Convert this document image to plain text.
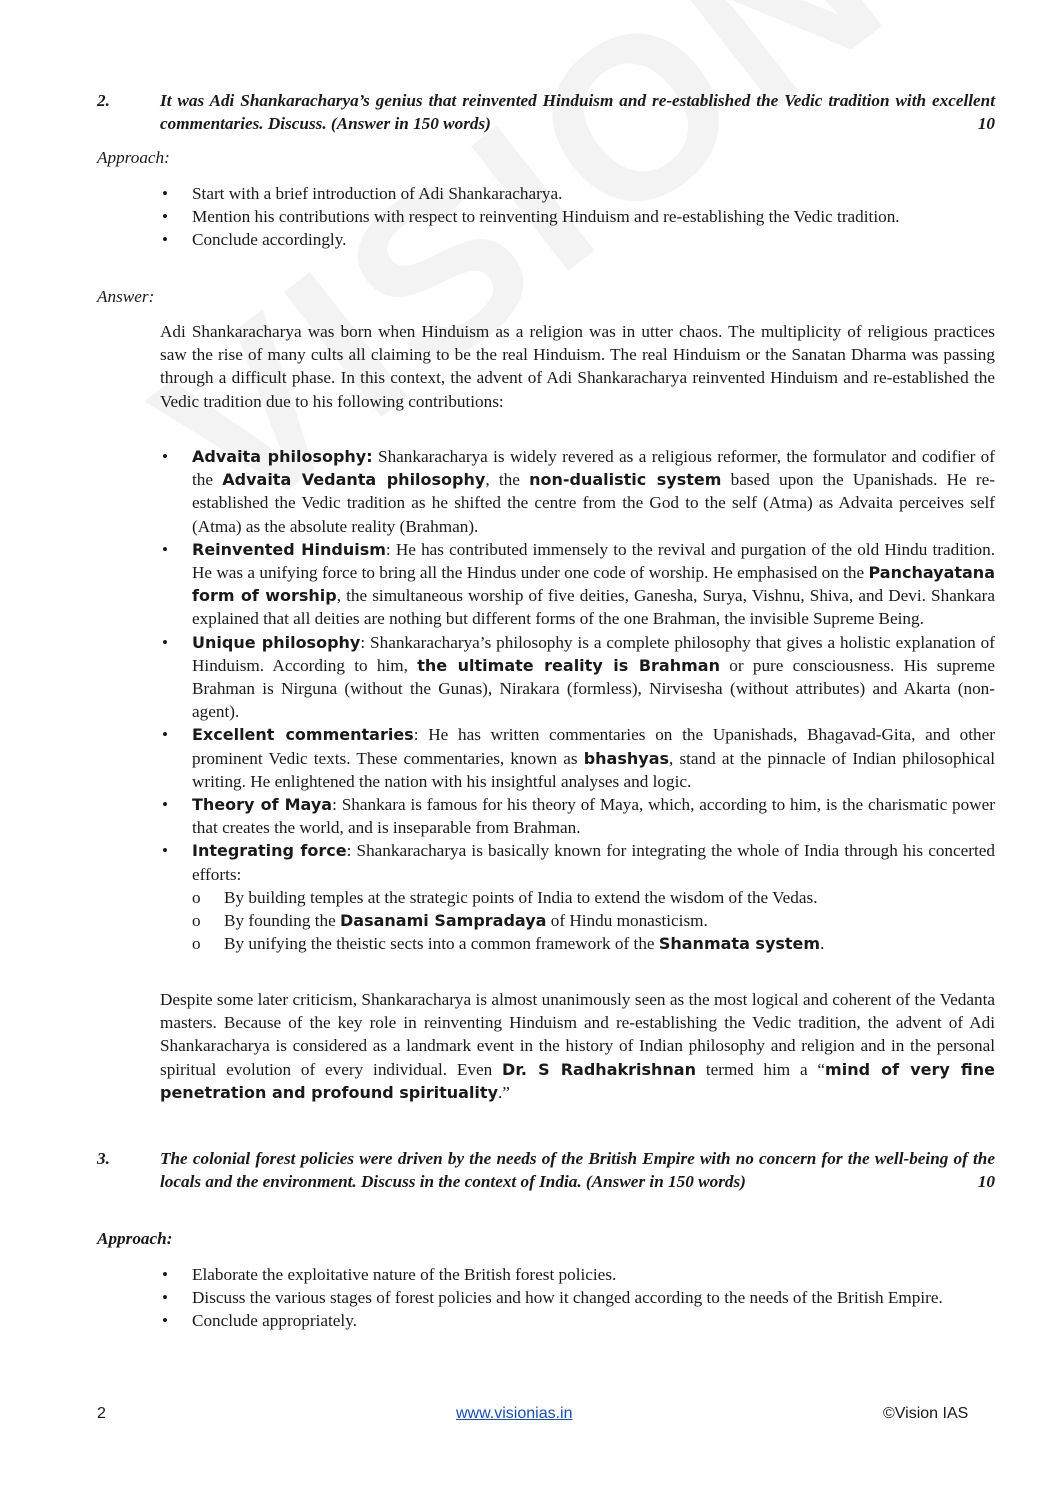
2.	It was Adi Shankaracharya’s genius that reinvented Hinduism and re-established the Vedic tradition with excellent commentaries. Discuss. (Answer in 150 words)	10
Approach:
• Start with a brief introduction of Adi Shankaracharya.
• Mention his contributions with respect to reinventing Hinduism and re-establishing the Vedic tradition.
• Conclude accordingly.
Answer:
Adi Shankaracharya was born when Hinduism as a religion was in utter chaos. The multiplicity of religious practices saw the rise of many cults all claiming to be the real Hinduism. The real Hinduism or the Sanatan Dharma was passing through a difficult phase. In this context, the advent of Adi Shankaracharya reinvented Hinduism and re-established the Vedic tradition due to his following contributions:
• Advaita philosophy: Shankaracharya is widely revered as a religious reformer, the formulator and codifier of the Advaita Vedanta philosophy, the non-dualistic system based upon the Upanishads. He re-established the Vedic tradition as he shifted the centre from the God to the self (Atma) as Advaita perceives self (Atma) as the absolute reality (Brahman).
• Reinvented Hinduism: He has contributed immensely to the revival and purgation of the old Hindu tradition. He was a unifying force to bring all the Hindus under one code of worship. He emphasised on the Panchayatana form of worship, the simultaneous worship of five deities, Ganesha, Surya, Vishnu, Shiva, and Devi. Shankara explained that all deities are nothing but different forms of the one Brahman, the invisible Supreme Being.
• Unique philosophy: Shankaracharya’s philosophy is a complete philosophy that gives a holistic explanation of Hinduism. According to him, the ultimate reality is Brahman or pure consciousness. His supreme Brahman is Nirguna (without the Gunas), Nirakara (formless), Nirvisesha (without attributes) and Akarta (non-agent).
• Excellent commentaries: He has written commentaries on the Upanishads, Bhagavad-Gita, and other prominent Vedic texts. These commentaries, known as bhashyas, stand at the pinnacle of Indian philosophical writing. He enlightened the nation with his insightful analyses and logic.
• Theory of Maya: Shankara is famous for his theory of Maya, which, according to him, is the charismatic power that creates the world, and is inseparable from Brahman.
• Integrating force: Shankaracharya is basically known for integrating the whole of India through his concerted efforts:
o By building temples at the strategic points of India to extend the wisdom of the Vedas.
o By founding the Dasanami Sampradaya of Hindu monasticism.
o By unifying the theistic sects into a common framework of the Shanmata system.
Despite some later criticism, Shankaracharya is almost unanimously seen as the most logical and coherent of the Vedanta masters. Because of the key role in reinventing Hinduism and re-establishing the Vedic tradition, the advent of Adi Shankaracharya is considered as a landmark event in the history of Indian philosophy and religion and in the personal spiritual evolution of every individual. Even Dr. S Radhakrishnan termed him a “mind of very fine penetration and profound spirituality.”
3.	The colonial forest policies were driven by the needs of the British Empire with no concern for the well-being of the locals and the environment. Discuss in the context of India. (Answer in 150 words)	10
Approach:
• Elaborate the exploitative nature of the British forest policies.
• Discuss the various stages of forest policies and how it changed according to the needs of the British Empire.
• Conclude appropriately.
2	www.visionias.in	©Vision IAS
